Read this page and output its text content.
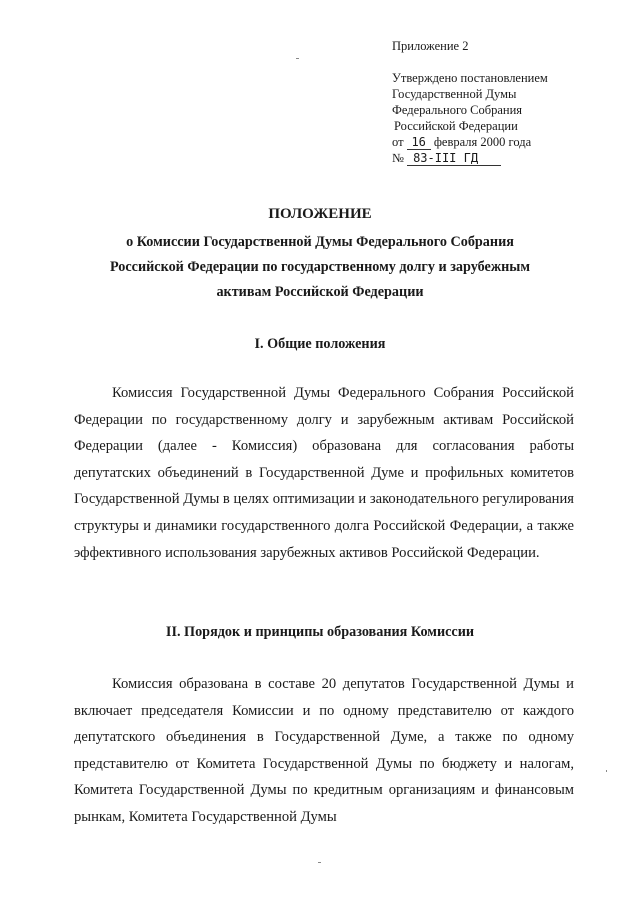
Приложение 2
Утверждено постановлением
Государственной Думы
Федерального Собрания
Российской Федерации
от 16 февраля 2000 года
№ 83-III ГД
ПОЛОЖЕНИЕ
о Комиссии Государственной Думы Федерального Собрания
Российской Федерации по государственному долгу и зарубежным
активам Российской Федерации
I. Общие положения
Комиссия Государственной Думы Федерального Собрания Российской Федерации по государственному долгу и зарубежным активам Российской Федерации (далее - Комиссия) образована для согласования работы депутатских объединений в Государственной Думе и профильных комитетов Государственной Думы в целях оптимизации и законодательного регулирования структуры и динамики государственного долга Российской Федерации, а также эффективного использования зарубежных активов Российской Федерации.
II. Порядок и принципы образования Комиссии
Комиссия образована в составе 20 депутатов Государственной Думы и включает председателя Комиссии и по одному представителю от каждого депутатского объединения в Государственной Думе, а также по одному представителю от Комитета Государственной Думы по бюджету и налогам, Комитета Государственной Думы по кредитным организациям и финансовым рынкам, Комитета Государственной Думы
